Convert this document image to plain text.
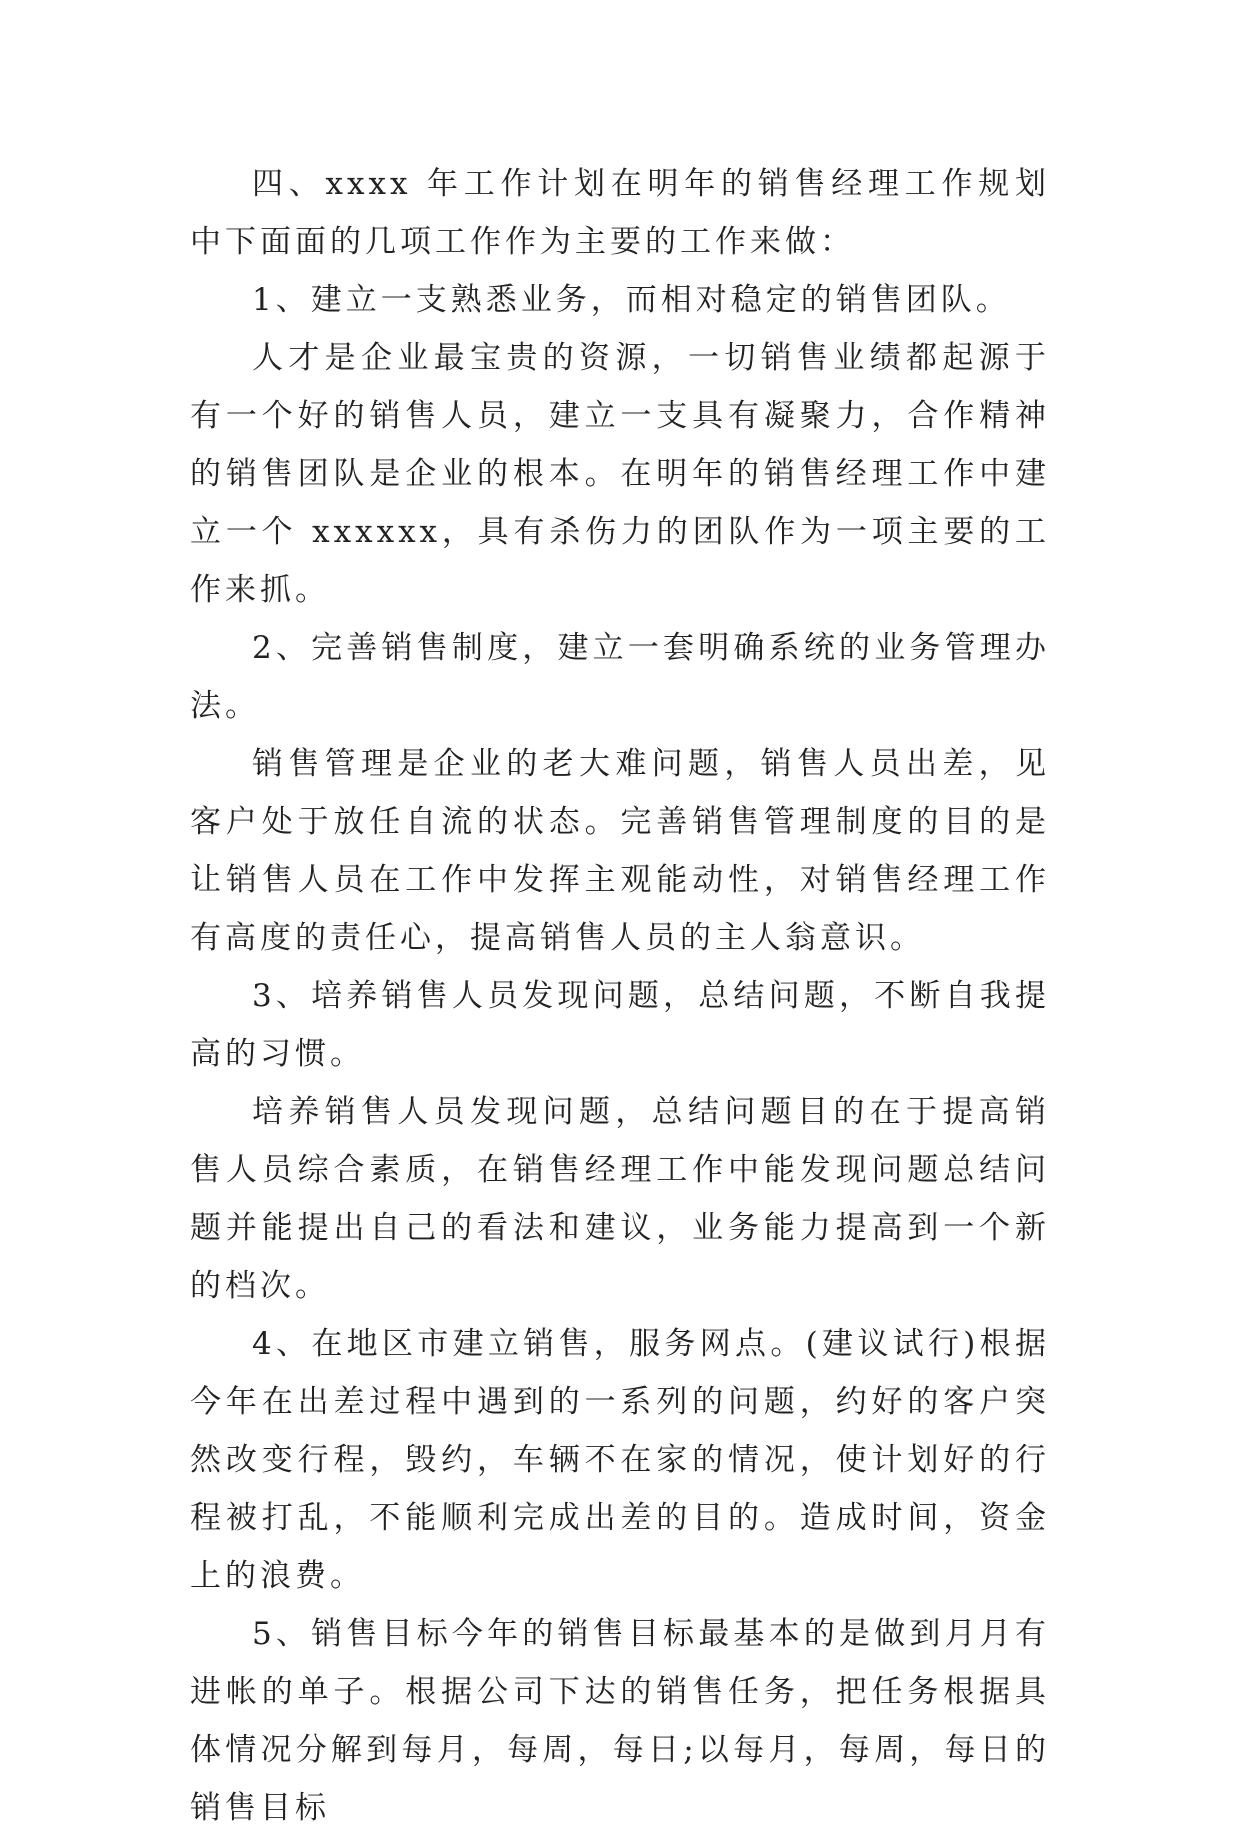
四、xxxx 年工作计划在明年的销售经理工作规划中下面面的几项工作作为主要的工作来做：

1、建立一支熟悉业务，而相对稳定的销售团队。

人才是企业最宝贵的资源，一切销售业绩都起源于有一个好的销售人员，建立一支具有凝聚力，合作精神的销售团队是企业的根本。在明年的销售经理工作中建立一个 xxxxxx，具有杀伤力的团队作为一项主要的工作来抓。

2、完善销售制度，建立一套明确系统的业务管理办法。

销售管理是企业的老大难问题，销售人员出差，见客户处于放任自流的状态。完善销售管理制度的目的是让销售人员在工作中发挥主观能动性，对销售经理工作有高度的责任心，提高销售人员的主人翁意识。

3、培养销售人员发现问题，总结问题，不断自我提高的习惯。

培养销售人员发现问题，总结问题目的在于提高销售人员综合素质，在销售经理工作中能发现问题总结问题并能提出自己的看法和建议，业务能力提高到一个新的档次。

4、在地区市建立销售，服务网点。(建议试行)根据今年在出差过程中遇到的一系列的问题，约好的客户突然改变行程，毁约，车辆不在家的情况，使计划好的行程被打乱，不能顺利完成出差的目的。造成时间，资金上的浪费。

5、销售目标今年的销售目标最基本的是做到月月有进帐的单子。根据公司下达的销售任务，把任务根据具体情况分解到每月，每周，每日;以每月，每周，每日的销售目标
